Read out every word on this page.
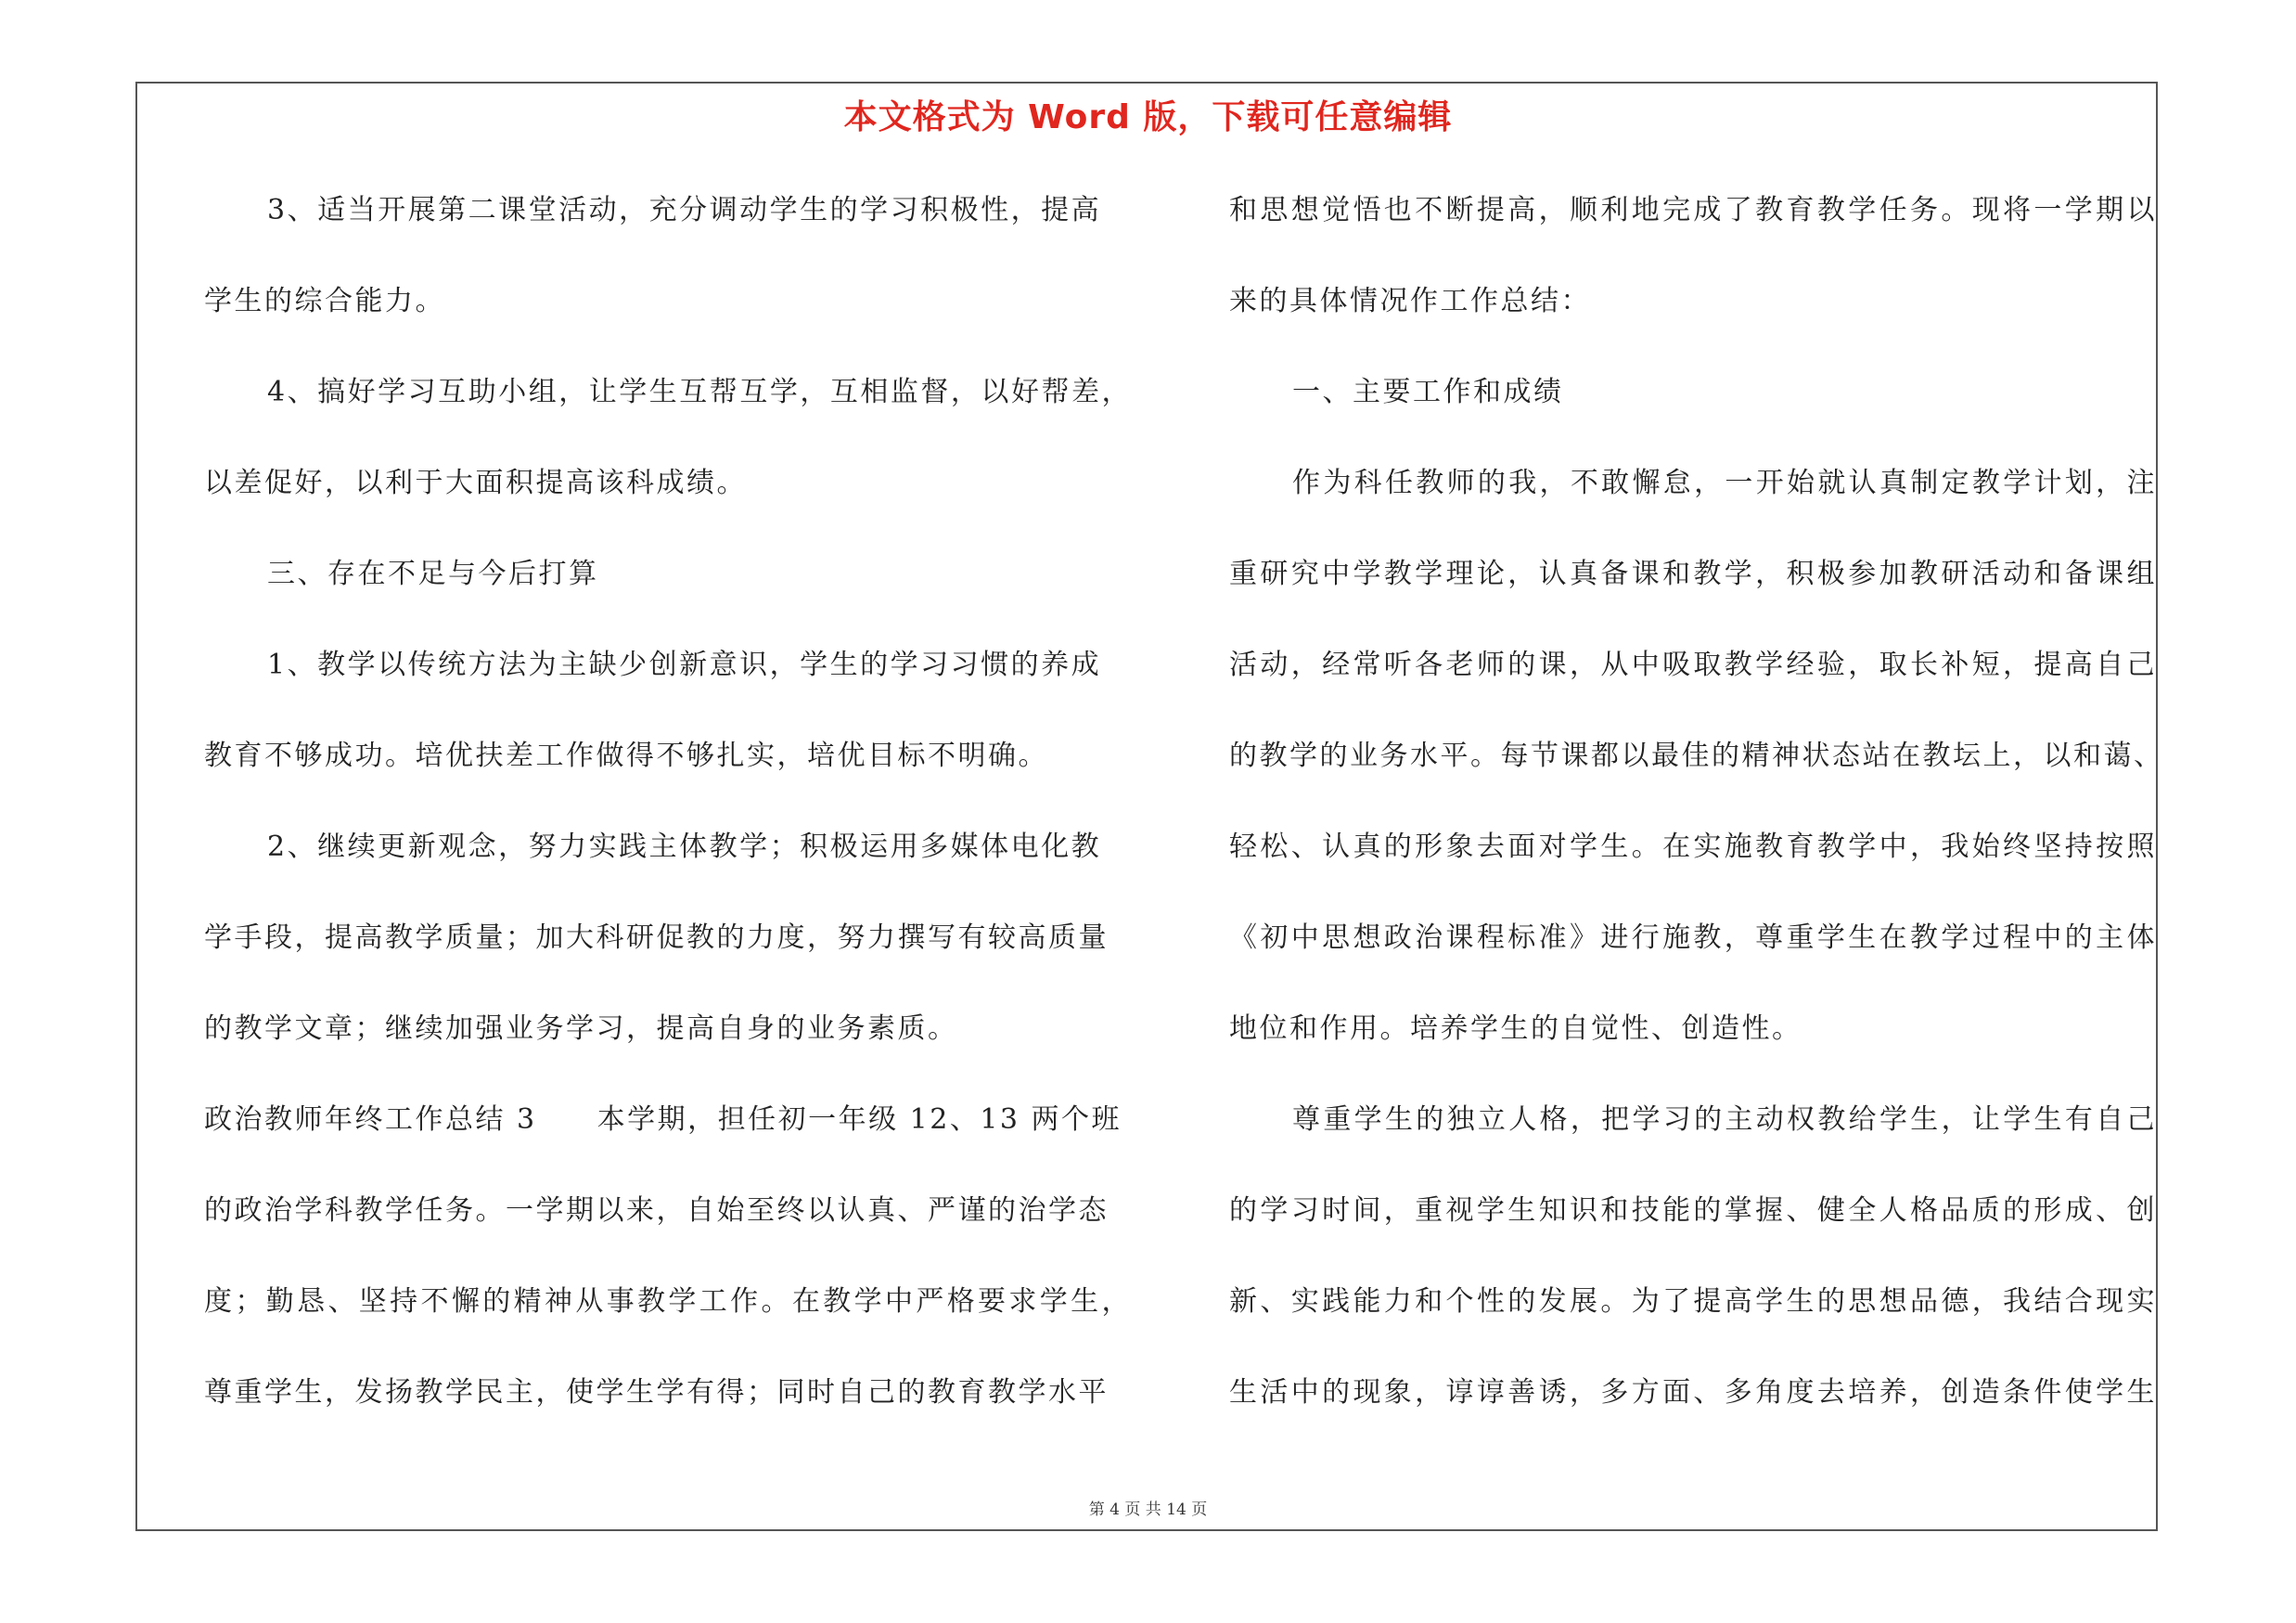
本文格式为 Word 版，下载可任意编辑
3、适当开展第二课堂活动，充分调动学生的学习积极性，提高
学生的综合能力。
4、搞好学习互助小组，让学生互帮互学，互相监督，以好帮差，
以差促好，以利于大面积提高该科成绩。
三、存在不足与今后打算
1、教学以传统方法为主缺少创新意识，学生的学习习惯的养成
教育不够成功。培优扶差工作做得不够扎实，培优目标不明确。
2、继续更新观念，努力实践主体教学；积极运用多媒体电化教
学手段，提高教学质量；加大科研促教的力度，努力撰写有较高质量
的教学文章；继续加强业务学习，提高自身的业务素质。
政治教师年终工作总结 3　　本学期，担任初一年级 12、13 两个班
的政治学科教学任务。一学期以来，自始至终以认真、严谨的治学态
度；勤恳、坚持不懈的精神从事教学工作。在教学中严格要求学生，
尊重学生，发扬教学民主，使学生学有得；同时自己的教育教学水平
和思想觉悟也不断提高，顺利地完成了教育教学任务。现将一学期以
来的具体情况作工作总结：
一、主要工作和成绩
作为科任教师的我，不敢懈怠，一开始就认真制定教学计划，注
重研究中学教学理论，认真备课和教学，积极参加教研活动和备课组
活动，经常听各老师的课，从中吸取教学经验，取长补短，提高自己
的教学的业务水平。每节课都以最佳的精神状态站在教坛上，以和蔼、
轻松、认真的形象去面对学生。在实施教育教学中，我始终坚持按照
《初中思想政治课程标准》进行施教，尊重学生在教学过程中的主体
地位和作用。培养学生的自觉性、创造性。
尊重学生的独立人格，把学习的主动权教给学生，让学生有自己
的学习时间，重视学生知识和技能的掌握、健全人格品质的形成、创
新、实践能力和个性的发展。为了提高学生的思想品德，我结合现实
生活中的现象，谆谆善诱，多方面、多角度去培养，创造条件使学生
第 4 页 共 14 页
